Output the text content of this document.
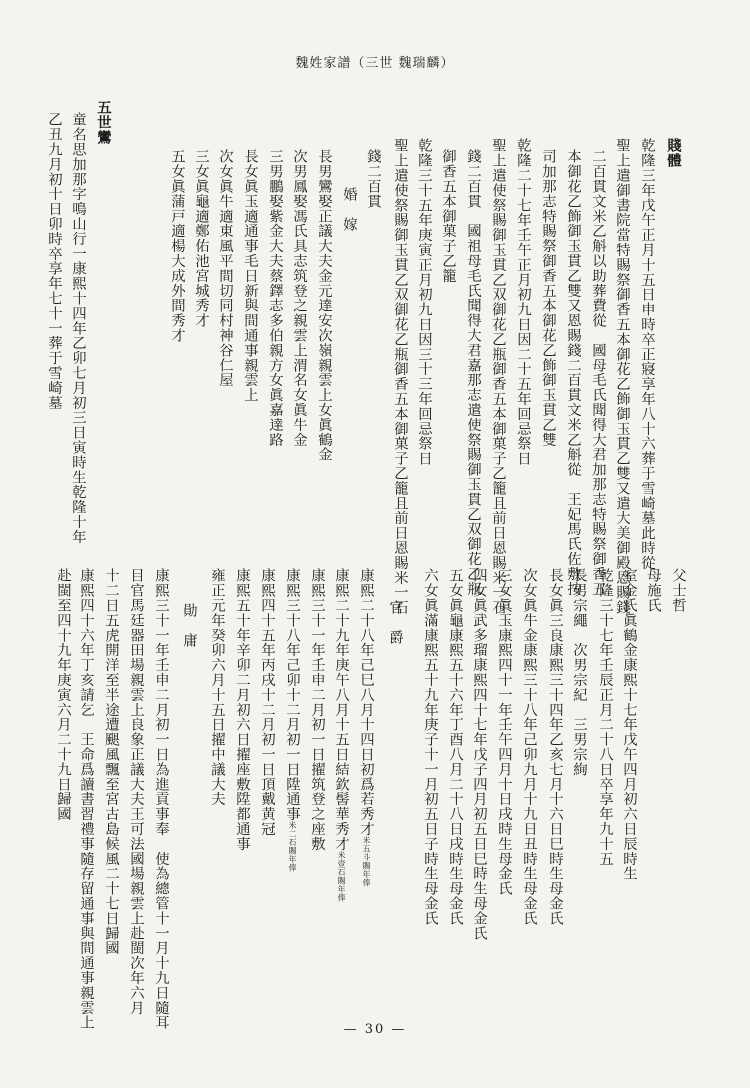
魏姓家譜（三世 魏瑞麟）
賤體
乾隆三年戊午正月十五日申時卒正寢享年八十六葬于雪崎墓此時從
聖上遣御書院當特賜祭御香五本御花乙飾御玉貫乙雙又遣大美御殿恩賜錢
二百貫文米乙斛以助葬費從　國母毛氏聞得大君加那志特賜祭御香五
本御花乙飾御玉貫乙雙又恩賜錢二百貫文米乙斛從　王妃馬氏佐敷按
司加那志特賜祭御香五本御花乙飾御玉貫乙雙
乾隆二十七年壬午正月初九日因二十五年回忌祭日
聖上遣使祭賜御玉貫乙双御花乙瓶御香五本御菓子乙籠且前日恩賜米一石
錢二百貫　國祖母毛氏聞得大君嘉那志遣使祭賜御玉貫乙双御花乙瓶
御香五本御菓子乙籠
乾隆三十五年庚寅正月初九日因三十三年回忌祭日
聖上遣使祭賜御玉貫乙双御花乙瓶御香五本御菓子乙籠且前日恩賜米一石
錢二百貫
婚　嫁
長男鸞娶正議大夫金元達安次嶺親雲上女眞鶴金
次男鳳娶馮氏具志筑登之親雲上渭名女眞牛金
三男鵬娶紫金大夫蔡鐸志多伯親方女眞嘉達路
長女眞玉適通事毛日新與間通事親雲上
次女眞牛適東風平間切同村神谷仁屋
三女眞龜適鄭佑池宮城秀才
五女眞蒲戸適楊大成外間秀才
五世鸞
童名思加那字鳴山行一康熙十四年乙卯七月初三日寅時生乾隆十年
乙丑九月初十日卯時卒享年七十一葬于雪崎墓
父士哲
母施氏
室金氏眞鶴金康熙十七年戊午四月初六日辰時生
乾隆三十七年壬辰正月二十八日卒享年九十五
長男宗繩　次男宗紀　三男宗絢
長女眞三良康熙三十四年乙亥七月十六日巳時生母金氏
次女眞牛金康熙三十八年己卯九月十九日丑時生母金氏
三女眞玉康熙四十一年壬午四月十日戌時生母金氏
四女眞武多瑠康熙四十七年戊子四月初五日巳時生母金氏
五女眞龜康熙五十六年丁酉八月二十八日戌時生母金氏
六女眞滿康熙五十九年庚子十一月初五日子時生母金氏
官　爵
康熙二十八年己巳八月十四日初爲若秀才米五斗賜年俸
康熙二十九年庚午八月十五日結欽髻華秀才米壹石賜年俸
康熙三十一年壬申二月初一日擢筑登之座敷
康熙三十八年己卯十二月初一日陞通事米二石賜年俸
康熙四十五年丙戌十二月初一日頂戴黄冠
康熙五十年辛卯二月初六日擢座敷陞都通事
雍正元年癸卯六月十五日擢中議大夫
勛　庸
康熙三十一年壬申二月初一日為進貢事奉　使為總管十一月十九日隨耳
目官馬廷器田場親雲上良象正議大夫王可法國場親雲上赴閩次年六月
十二日五虎開洋至半途遭颶風飄至宮古島候風二十七日歸國
康熙四十六年丁亥請乞　王命爲讀書習禮事隨存留通事與間通事親雲上
赴閩至四十九年庚寅六月二十九日歸國
— 30 —
